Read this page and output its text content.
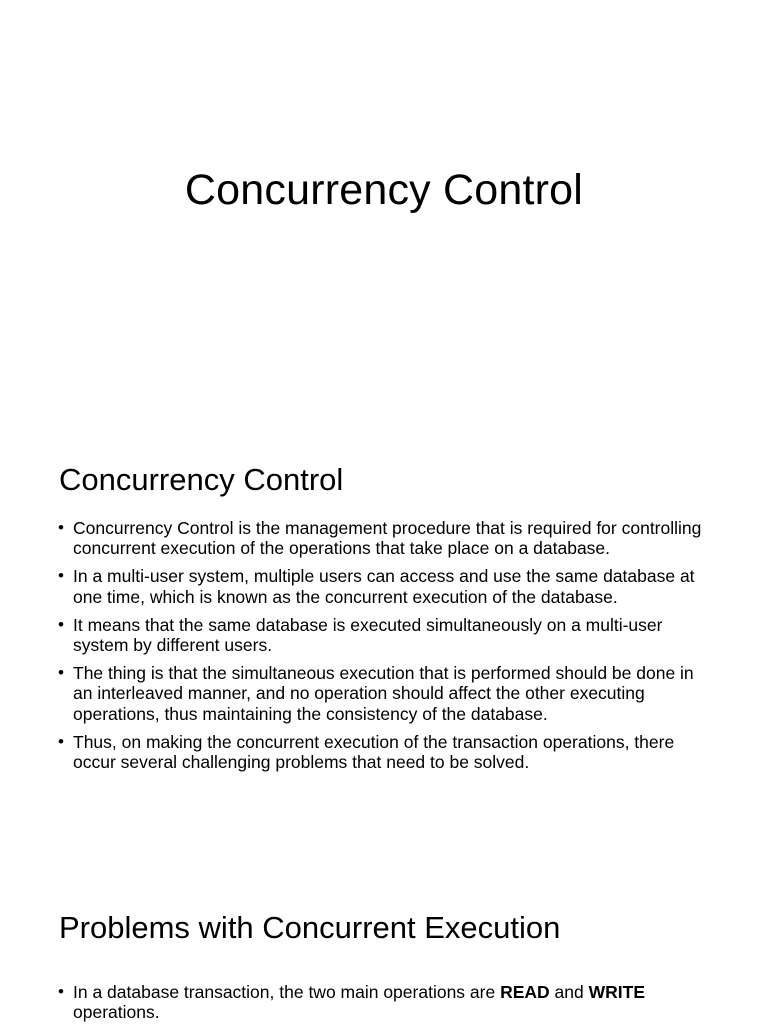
Concurrency Control
Concurrency Control
• Concurrency Control is the management procedure that is required for controlling concurrent execution of the operations that take place on a database.
• In a multi-user system, multiple users can access and use the same database at one time, which is known as the concurrent execution of the database.
• It means that the same database is executed simultaneously on a multi-user system by different users.
• The thing is that the simultaneous execution that is performed should be done in an interleaved manner, and no operation should affect the other executing operations, thus maintaining the consistency of the database.
• Thus, on making the concurrent execution of the transaction operations, there occur several challenging problems that need to be solved.
Problems with Concurrent Execution
• In a database transaction, the two main operations are READ and WRITE operations.
